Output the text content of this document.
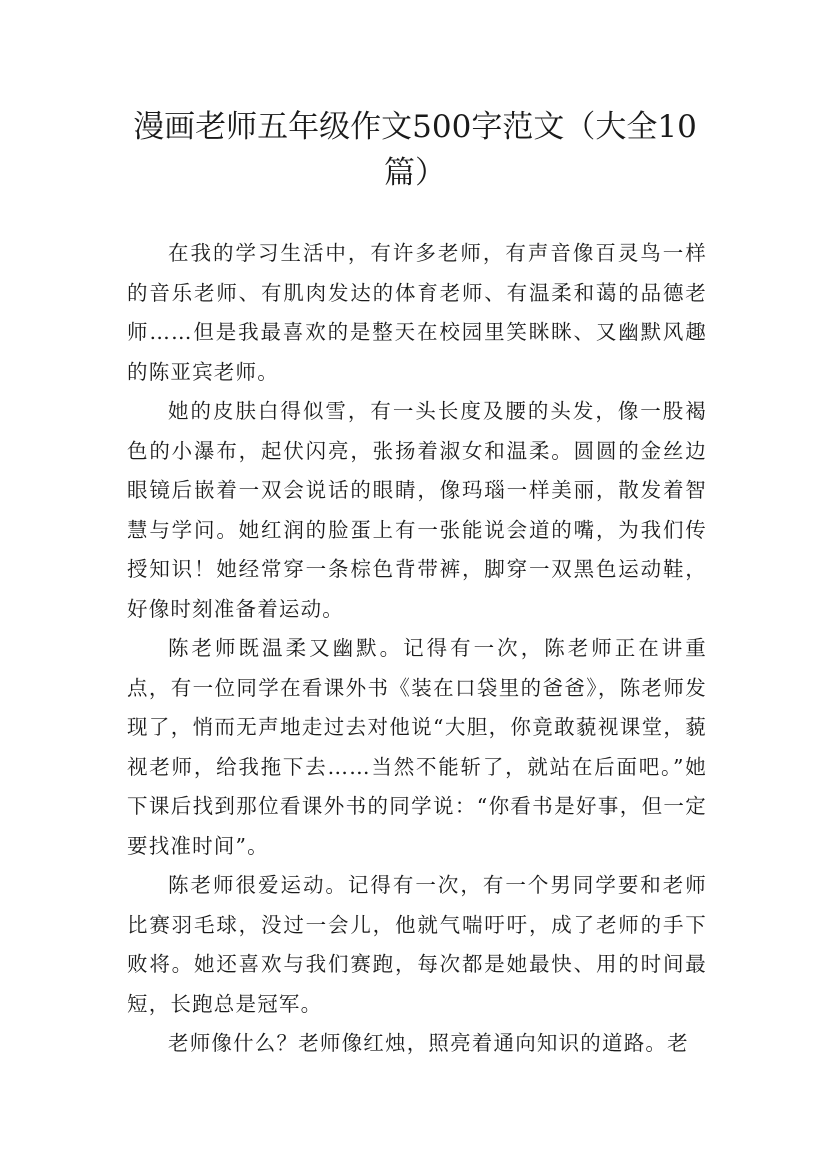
漫画老师五年级作文500字范文（大全10篇）

在我的学习生活中，有许多老师，有声音像百灵鸟一样的音乐老师、有肌肉发达的体育老师、有温柔和蔼的品德老师……但是我最喜欢的是整天在校园里笑眯眯、又幽默风趣的陈亚宾老师。

她的皮肤白得似雪，有一头长度及腰的头发，像一股褐色的小瀑布，起伏闪亮，张扬着淑女和温柔。圆圆的金丝边眼镜后嵌着一双会说话的眼睛，像玛瑙一样美丽，散发着智慧与学问。她红润的脸蛋上有一张能说会道的嘴，为我们传授知识！她经常穿一条棕色背带裤，脚穿一双黑色运动鞋，好像时刻准备着运动。

陈老师既温柔又幽默。记得有一次，陈老师正在讲重点，有一位同学在看课外书《装在口袋里的爸爸》，陈老师发现了，悄而无声地走过去对他说“大胆，你竟敢藐视课堂，藐视老师，给我拖下去……当然不能斩了，就站在后面吧。”她下课后找到那位看课外书的同学说：“你看书是好事，但一定要找准时间”。

陈老师很爱运动。记得有一次，有一个男同学要和老师比赛羽毛球，没过一会儿，他就气喘吁吁，成了老师的手下败将。她还喜欢与我们赛跑，每次都是她最快、用的时间最短，长跑总是冠军。

老师像什么？老师像红烛，照亮着通向知识的道路。老
